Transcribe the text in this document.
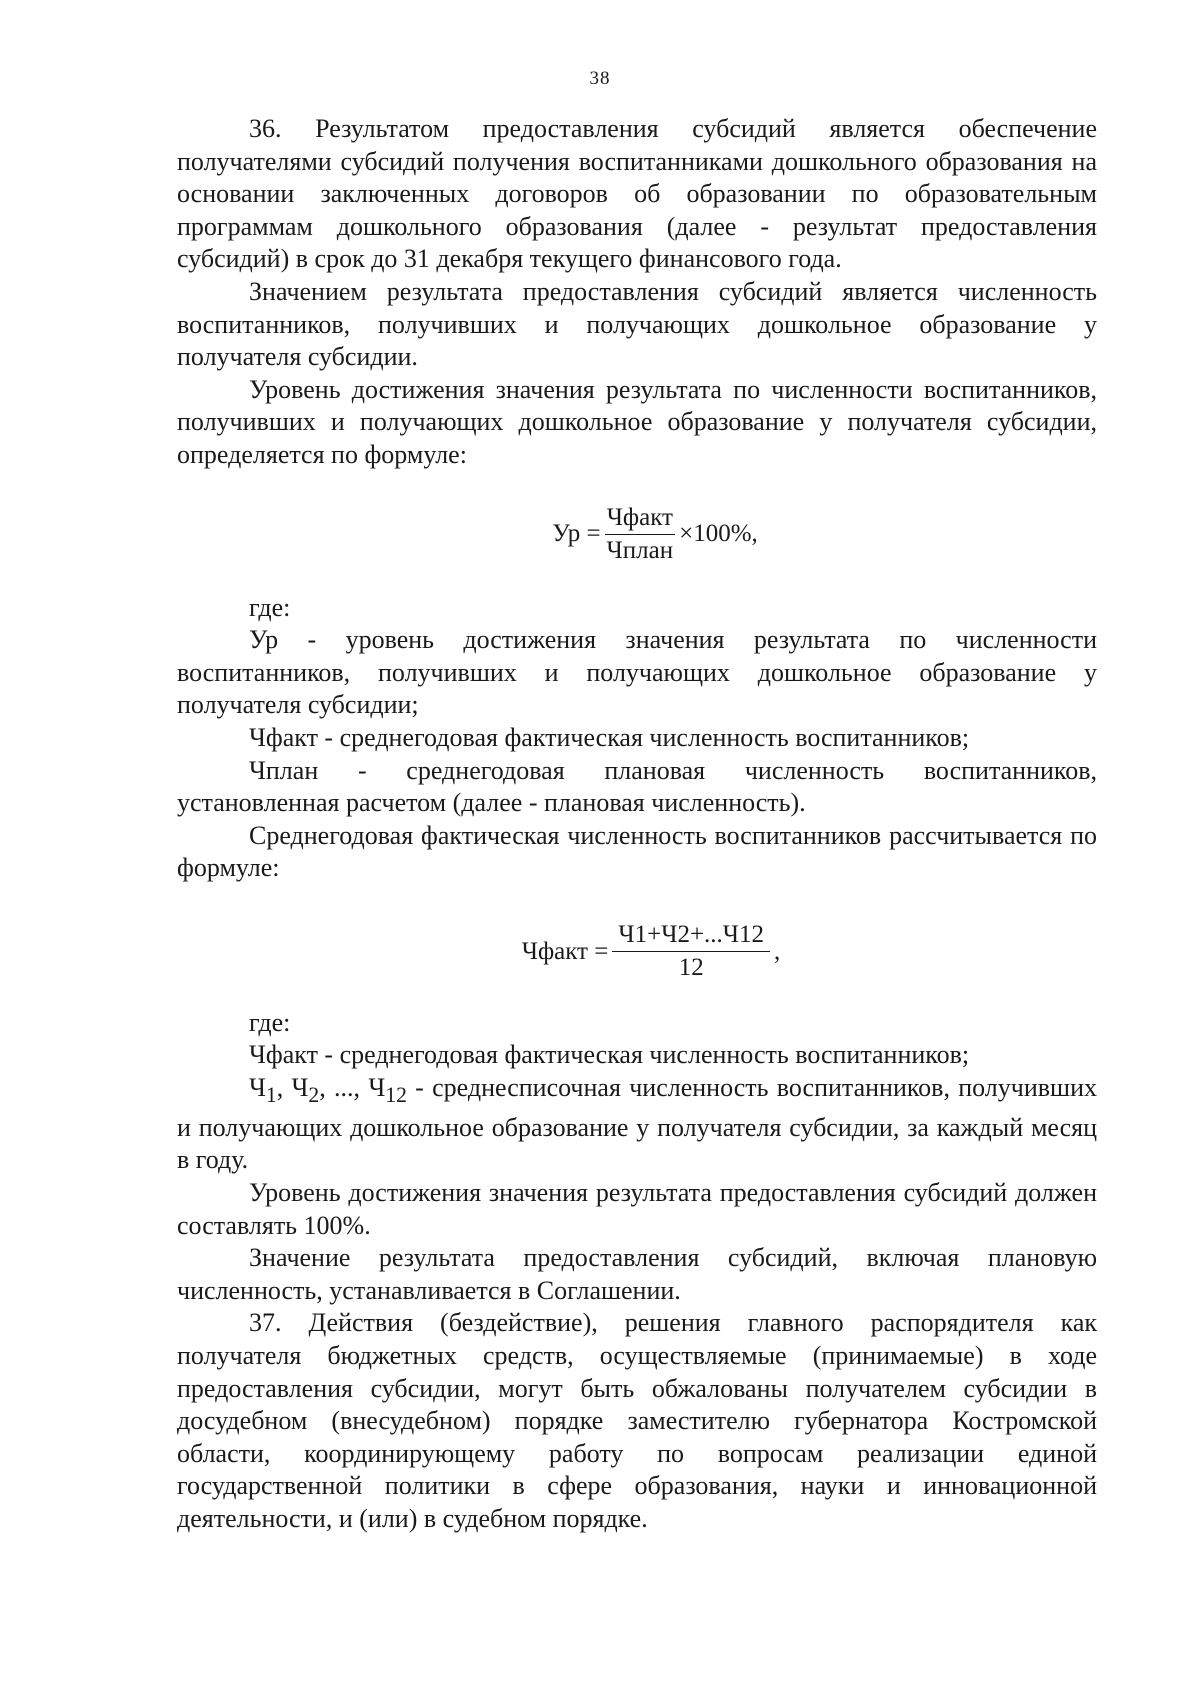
38

36. Результатом предоставления субсидий является обеспечение получателями субсидий получения воспитанниками дошкольного образования на основании заключенных договоров об образовании по образовательным программам дошкольного образования (далее - результат предоставления субсидий) в срок до 31 декабря текущего финансового года.

Значением результата предоставления субсидий является численность воспитанников, получивших и получающих дошкольное образование у получателя субсидии.

Уровень достижения значения результата по численности воспитанников, получивших и получающих дошкольное образование у получателя субсидии, определяется по формуле:

Ур = $\frac{\text{Чфакт}}{\text{Чплан}} \times 100\%$,

где:

Ур - уровень достижения значения результата по численности воспитанников, получивших и получающих дошкольное образование у получателя субсидии;

Чфакт - среднегодовая фактическая численность воспитанников;

Чплан - среднегодовая плановая численность воспитанников, установленная расчетом (далее - плановая численность).

Среднегодовая фактическая численность воспитанников рассчитывается по формуле:

Чфакт = $\frac{Ч1+Ч2+...Ч12}{12}$ ,

где:

Чфакт - среднегодовая фактическая численность воспитанников;

$Ч_1$, $Ч_2$, ..., $Ч_{12}$ - среднесписочная численность воспитанников, получивших и получающих дошкольное образование у получателя субсидии, за каждый месяц в году.

Уровень достижения значения результата предоставления субсидий должен составлять 100%.

Значение результата предоставления субсидий, включая плановую численность, устанавливается в Соглашении.

37. Действия (бездействие), решения главного распорядителя как получателя бюджетных средств, осуществляемые (принимаемые) в ходе предоставления субсидии, могут быть обжалованы получателем субсидии в досудебном (внесудебном) порядке заместителю губернатора Костромской области, координирующему работу по вопросам реализации единой государственной политики в сфере образования, науки и инновационной деятельности, и (или) в судебном порядке.
